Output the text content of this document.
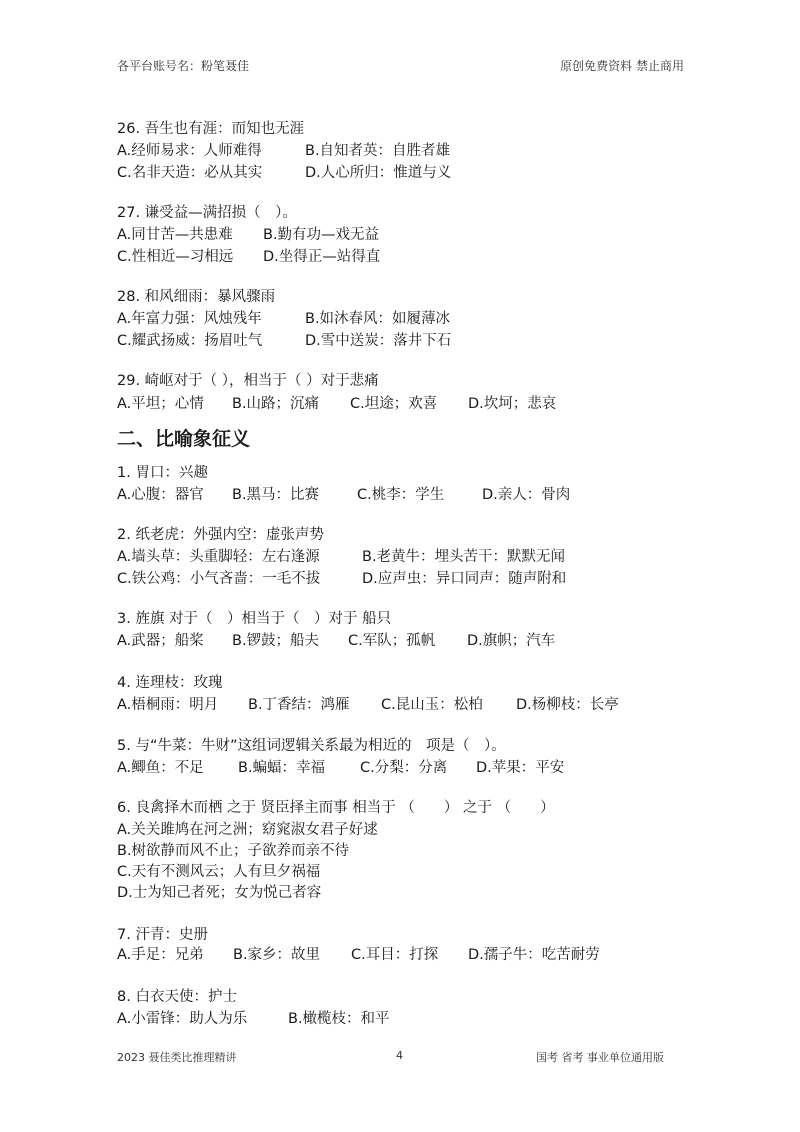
各平台账号名：粉笔聂佳	原创免费资料 禁止商用
26. 吾生也有涯：而知也无涯
A.经师易求：人师难得	B.自知者英：自胜者雄
C.名非天造：必从其实	D.人心所归：惟道与义
27. 谦受益—满招损（　）。
A.同甘苦—共患难 B.勤有功—戏无益
C.性相近—习相远 D.坐得正—站得直
28. 和风细雨：暴风骤雨
A.年富力强：风烛残年	B.如沐春风：如履薄冰
C.耀武扬威：扬眉吐气	D.雪中送炭：落井下石
29. 崎岖对于（ ），相当于（ ）对于悲痛
A.平坦；心情 B.山路；沉痛 C.坦途；欢喜 D.坎坷；悲哀
二、比喻象征义
1. 胃口：兴趣
A.心腹：器官 B.黑马：比赛	C.桃李：学生	D.亲人：骨肉
2. 纸老虎：外强内空：虚张声势
A.墙头草：头重脚轻：左右逢源	B.老黄牛：埋头苦干：默默无闻
C.铁公鸡：小气吝啬：一毛不拔	D.应声虫：异口同声：随声附和
3. 旌旗 对于（　）相当于（　）对于 船只
A.武器；船桨 B.锣鼓；船夫 C.军队；孤帆 D.旗帜；汽车
4. 连理枝：玫瑰
A.梧桐雨：明月 B.丁香结：鸿雁 C.昆山玉：松柏 D.杨柳枝：长亭
5. 与“牛菜：牛财”这组词逻辑关系最为相近的　项是（　）。
A.鲫鱼：不足 B.蝙蝠：幸福 C.分梨：分离 D.苹果：平安
6. 良禽择木而栖 之于 贤臣择主而事 相当于 （　　） 之于 （　　）
A.关关雎鸠在河之洲；窈窕淑女君子好逑
B.树欲静而风不止；子欲养而亲不待
C.天有不测风云；人有旦夕祸福
D.士为知己者死；女为悦己者容
7. 汗青：史册
A.手足：兄弟 B.家乡：故里 C.耳目：打探 D.孺子牛：吃苦耐劳
8. 白衣天使：护士
A.小雷锋：助人为乐	B.橄榄枝：和平
2023 聂佳类比推理精讲	4	国考 省考 事业单位通用版
